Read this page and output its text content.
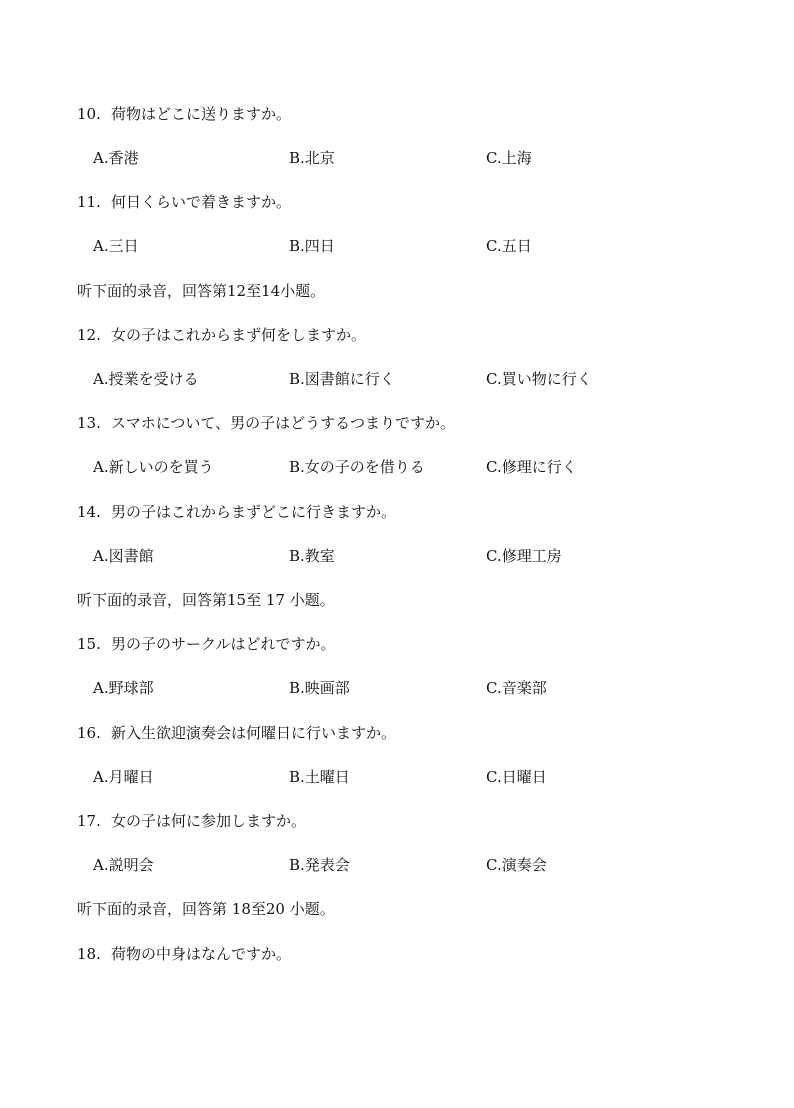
10. 荷物はどこに送りますか。
A.香港	B.北京	C.上海
11. 何日くらいで着きますか。
A.三日	B.四日	C.五日
听下面的录音，回答第12至14小题。
12. 女の子はこれからまず何をしますか。
A.授業を受ける	B.図書館に行く	C.買い物に行く
13. スマホについて、男の子はどうするつまりですか。
A.新しいのを買う	B.女の子のを借りる	C.修理に行く
14. 男の子はこれからまずどこに行きますか。
A.図書館	B.教室	C.修理工房
听下面的录音，回答第15至 17 小题。
15. 男の子のサークルはどれですか。
A.野球部	B.映画部	C.音楽部
16. 新入生欲迎演奏会は何曜日に行いますか。
A.月曜日	B.土曜日	C.日曜日
17. 女の子は何に参加しますか。
A.説明会	B.発表会	C.演奏会
听下面的录音，回答第 18至20 小题。
18. 荷物の中身はなんですか。
